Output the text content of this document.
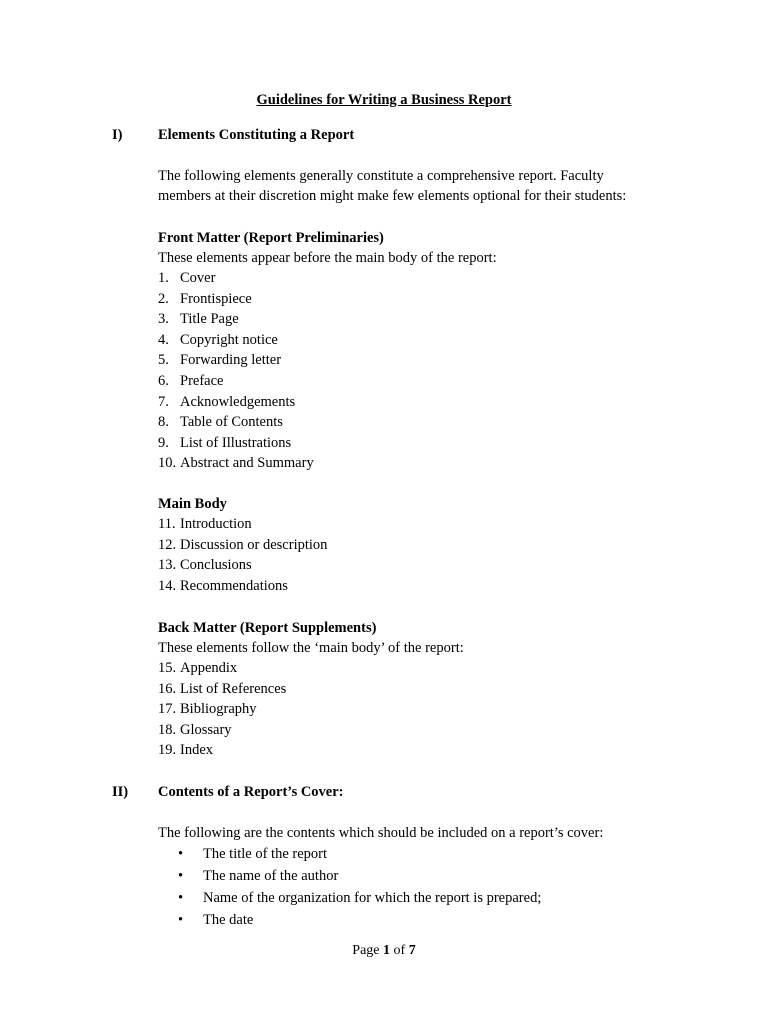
Guidelines for Writing a Business Report
I) Elements Constituting a Report
The following elements generally constitute a comprehensive report. Faculty
members at their discretion might make few elements optional for their students:
Front Matter (Report Preliminaries)
These elements appear before the main body of the report:
1. Cover
2. Frontispiece
3. Title Page
4. Copyright notice
5. Forwarding letter
6. Preface
7. Acknowledgements
8. Table of Contents
9. List of Illustrations
10. Abstract and Summary
Main Body
11. Introduction
12. Discussion or description
13. Conclusions
14. Recommendations
Back Matter (Report Supplements)
These elements follow the ‘main body’ of the report:
15. Appendix
16. List of References
17. Bibliography
18. Glossary
19. Index
II) Contents of a Report’s Cover:
The following are the contents which should be included on a report’s cover:
• The title of the report
• The name of the author
• Name of the organization for which the report is prepared;
• The date
Page 1 of 7
